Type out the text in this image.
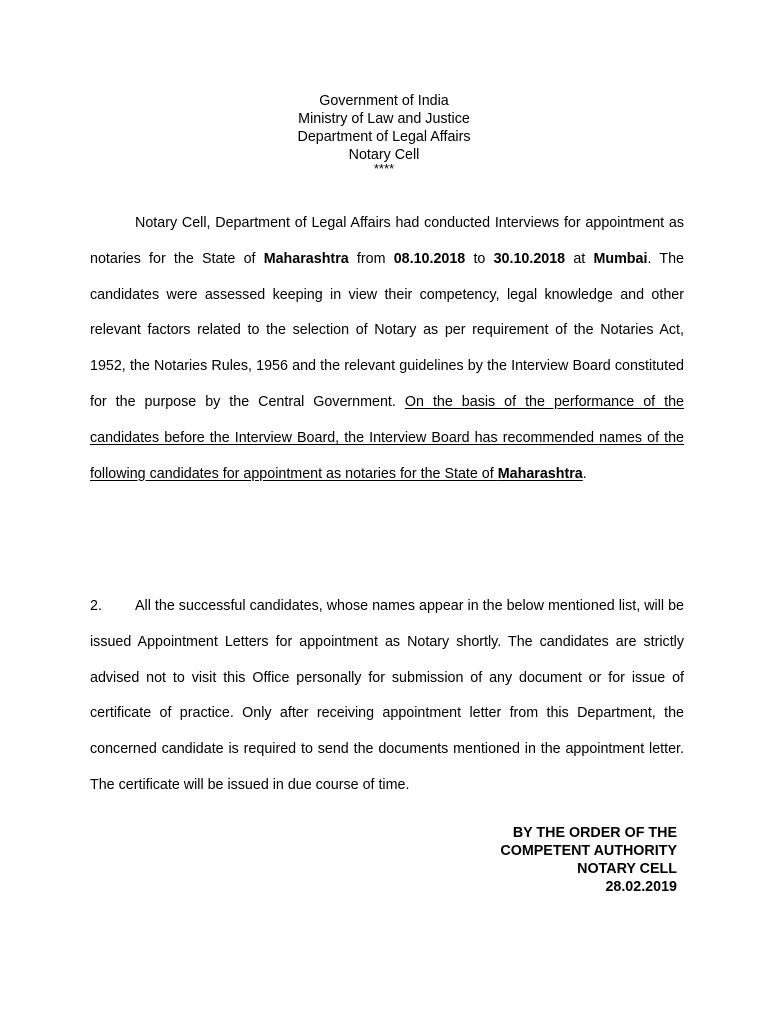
Government of India
Ministry of Law and Justice
Department of Legal Affairs
Notary Cell
****
Notary Cell, Department of Legal Affairs had conducted Interviews for appointment as notaries for the State of Maharashtra from 08.10.2018 to 30.10.2018 at Mumbai. The candidates were assessed keeping in view their competency, legal knowledge and other relevant factors related to the selection of Notary as per requirement of the Notaries Act, 1952, the Notaries Rules, 1956 and the relevant guidelines by the Interview Board constituted for the purpose by the Central Government. On the basis of the performance of the candidates before the Interview Board, the Interview Board has recommended names of the following candidates for appointment as notaries for the State of Maharashtra.
2. All the successful candidates, whose names appear in the below mentioned list, will be issued Appointment Letters for appointment as Notary shortly. The candidates are strictly advised not to visit this Office personally for submission of any document or for issue of certificate of practice. Only after receiving appointment letter from this Department, the concerned candidate is required to send the documents mentioned in the appointment letter. The certificate will be issued in due course of time.
BY THE ORDER OF THE
COMPETENT AUTHORITY
NOTARY CELL
28.02.2019
